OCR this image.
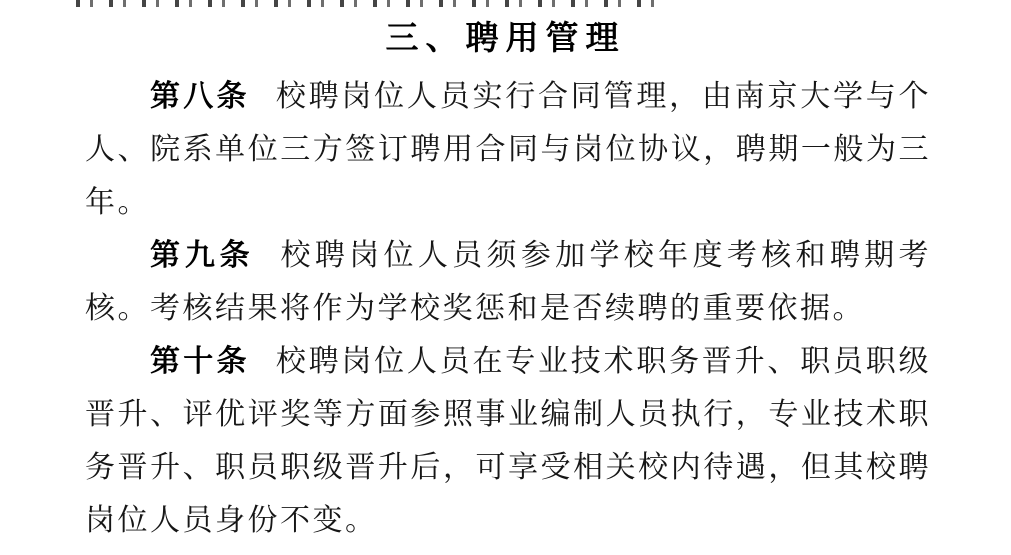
三、聘用管理
第八条 校聘岗位人员实行合同管理，由南京大学与个
人、院系单位三方签订聘用合同与岗位协议，聘期一般为三
年。
第九条 校聘岗位人员须参加学校年度考核和聘期考
核。考核结果将作为学校奖惩和是否续聘的重要依据。
第十条 校聘岗位人员在专业技术职务晋升、职员职级
晋升、评优评奖等方面参照事业编制人员执行，专业技术职
务晋升、职员职级晋升后，可享受相关校内待遇，但其校聘
岗位人员身份不变。
